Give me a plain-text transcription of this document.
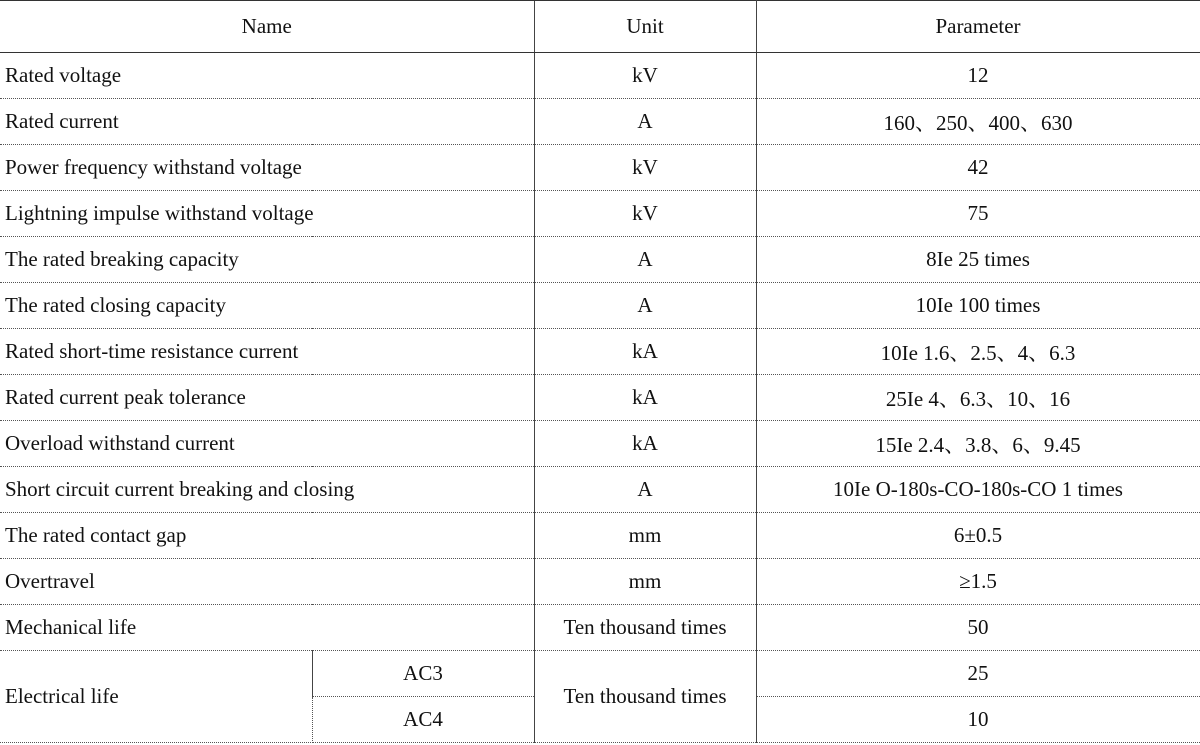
Name		Unit	Parameter
Rated voltage		kV	12
Rated current		A	160、250、400、630
Power frequency withstand voltage		kV	42
Lightning impulse withstand voltage		kV	75
The rated breaking capacity		A	8Ie 25 times
The rated closing capacity		A	10Ie 100 times
Rated short-time resistance current		kA	10Ie 1.6、2.5、4、6.3
Rated current peak tolerance		kA	25Ie 4、6.3、10、16
Overload withstand current		kA	15Ie 2.4、3.8、6、9.45
Short circuit current breaking and closing		A	10Ie O-180s-CO-180s-CO 1 times
The rated contact gap		mm	6±0.5
Overtravel		mm	≥1.5
Mechanical life		Ten thousand times	50
Electrical life	AC3	Ten thousand times	25
	AC4		10
